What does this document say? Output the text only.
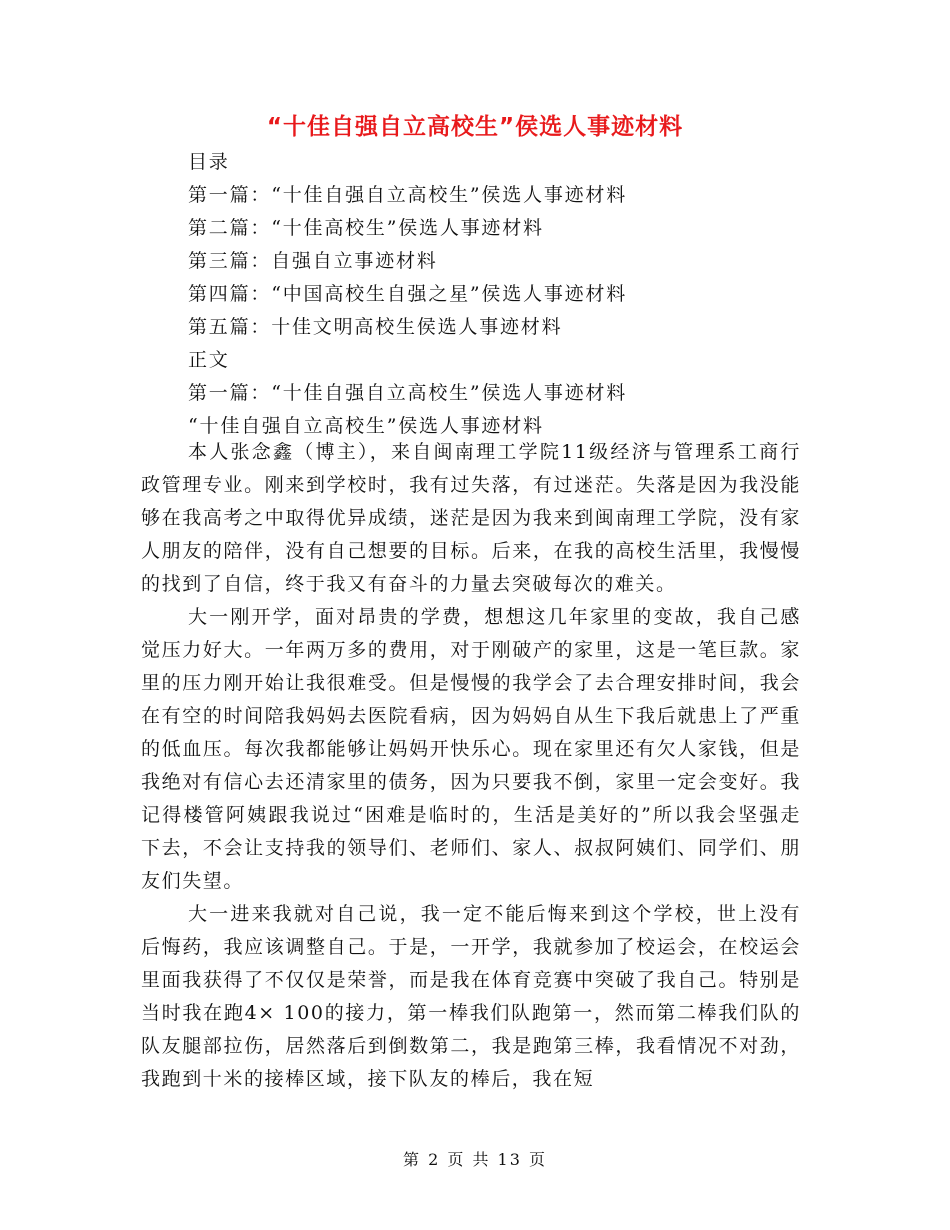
“十佳自强自立高校生”侯选人事迹材料
目录
第一篇：“十佳自强自立高校生”侯选人事迹材料
第二篇：“十佳高校生”侯选人事迹材料
第三篇：自强自立事迹材料
第四篇：“中国高校生自强之星”侯选人事迹材料
第五篇：十佳文明高校生侯选人事迹材料
正文
第一篇：“十佳自强自立高校生”侯选人事迹材料
“十佳自强自立高校生”侯选人事迹材料

本人张念鑫（博主），来自闽南理工学院11级经济与管理系工商行政管理专业。刚来到学校时，我有过失落，有过迷茫。失落是因为我没能够在我高考之中取得优异成绩，迷茫是因为我来到闽南理工学院，没有家人朋友的陪伴，没有自己想要的目标。后来，在我的高校生活里，我慢慢的找到了自信，终于我又有奋斗的力量去突破每次的难关。

大一刚开学，面对昂贵的学费，想想这几年家里的变故，我自己感觉压力好大。一年两万多的费用，对于刚破产的家里，这是一笔巨款。家里的压力刚开始让我很难受。但是慢慢的我学会了去合理安排时间，我会在有空的时间陪我妈妈去医院看病，因为妈妈自从生下我后就患上了严重的低血压。每次我都能够让妈妈开快乐心。现在家里还有欠人家钱，但是我绝对有信心去还清家里的债务，因为只要我不倒，家里一定会变好。我记得楼管阿姨跟我说过“困难是临时的，生活是美好的”所以我会坚强走下去，不会让支持我的领导们、老师们、家人、叔叔阿姨们、同学们、朋友们失望。

大一进来我就对自己说，我一定不能后悔来到这个学校，世上没有后悔药，我应该调整自己。于是，一开学，我就参加了校运会，在校运会里面我获得了不仅仅是荣誉，而是我在体育竞赛中突破了我自己。特别是当时我在跑4× 100的接力，第一棒我们队跑第一，然而第二棒我们队的队友腿部拉伤，居然落后到倒数第二，我是跑第三棒，我看情况不对劲，我跑到十米的接棒区域，接下队友的棒后，我在短

第 2 页 共 13 页
